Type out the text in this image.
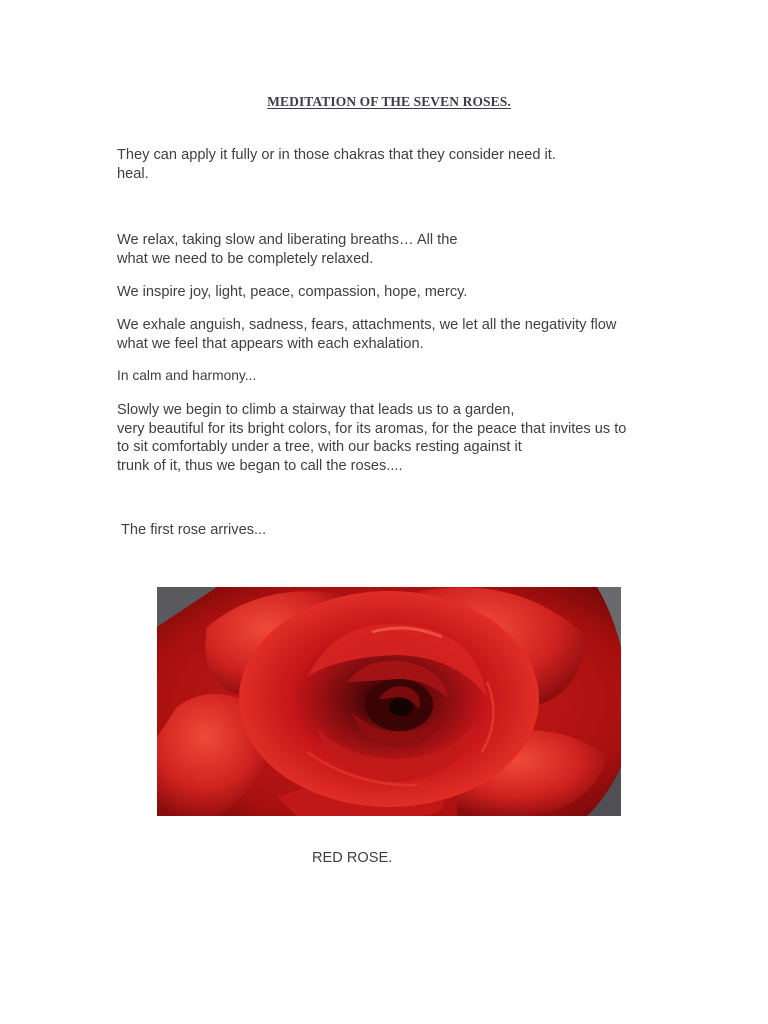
MEDITATION OF THE SEVEN ROSES.

They can apply it fully or in those chakras that they consider need it.
heal.

We relax, taking slow and liberating breaths… All the
what we need to be completely relaxed.

We inspire joy, light, peace, compassion, hope, mercy.

We exhale anguish, sadness, fears, attachments, we let all the negativity flow
what we feel that appears with each exhalation.

In calm and harmony...

Slowly we begin to climb a stairway that leads us to a garden,
very beautiful for its bright colors, for its aromas, for the peace that invites us to
to sit comfortably under a tree, with our backs resting against it
trunk of it, thus we began to call the roses....

The first rose arrives...

RED ROSE.
